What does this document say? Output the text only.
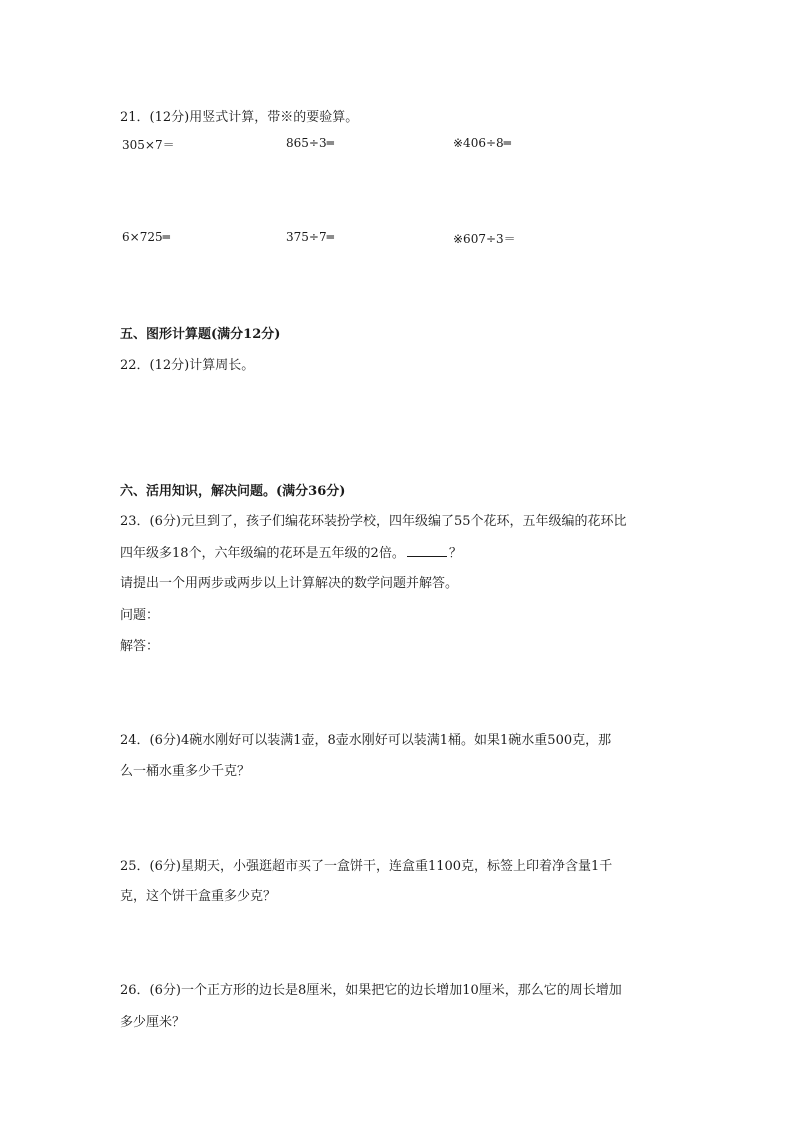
21．(12分)用竖式计算，带※的要验算。
305×7＝	865÷3═	※406÷8═
6×725═	375÷7═	※607÷3＝
五、图形计算题(满分12分)
22．(12分)计算周长。
六、活用知识，解决问题。(满分36分)
23．(6分)元旦到了，孩子们编花环装扮学校，四年级编了55个花环，五年级编的花环比
四年级多18个，六年级编的花环是五年级的2倍。	？
请提出一个用两步或两步以上计算解决的数学问题并解答。
问题：
解答：
24．(6分)4碗水刚好可以装满1壶，8壶水刚好可以装满1桶。如果1碗水重500克，那
么一桶水重多少千克？
25．(6分)星期天，小强逛超市买了一盒饼干，连盒重1100克，标签上印着净含量1千
克，这个饼干盒重多少克？
26．(6分)一个正方形的边长是8厘米，如果把它的边长增加10厘米，那么它的周长增加
多少厘米？
